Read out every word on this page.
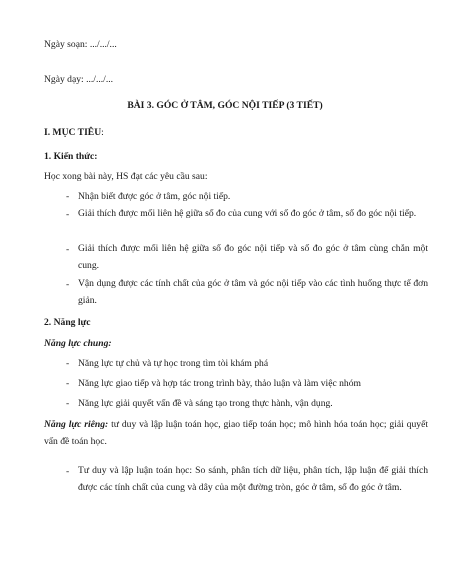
Ngày soạn: .../.../...
Ngày dạy: .../.../...
BÀI 3. GÓC Ở TÂM, GÓC NỘI TIẾP (3 TIẾT)
I. MỤC TIÊU:
1. Kiến thức:
Học xong bài này, HS đạt các yêu cầu sau:
- Nhận biết được góc ở tâm, góc nội tiếp.
- Giải thích được mối liên hệ giữa số đo của cung với số đo góc ở tâm, số đo góc nội tiếp.
- Giải thích được mối liên hệ giữa số đo góc nội tiếp và số đo góc ở tâm cùng chắn một cung.
- Vận dụng được các tính chất của góc ở tâm và góc nội tiếp vào các tình huống thực tế đơn giản.
2. Năng lực
Năng lực chung:
- Năng lực tự chủ và tự học trong tìm tòi khám phá
- Năng lực giao tiếp và hợp tác trong trình bày, thảo luận và làm việc nhóm
- Năng lực giải quyết vấn đề và sáng tạo trong thực hành, vận dụng.
Năng lực riêng: tư duy và lập luận toán học, giao tiếp toán học; mô hình hóa toán học; giải quyết vấn đề toán học.
- Tư duy và lập luận toán học: So sánh, phân tích dữ liệu, phân tích, lập luận để giải thích được các tính chất của cung và dây của một đường tròn, góc ở tâm, số đo góc ở tâm.
